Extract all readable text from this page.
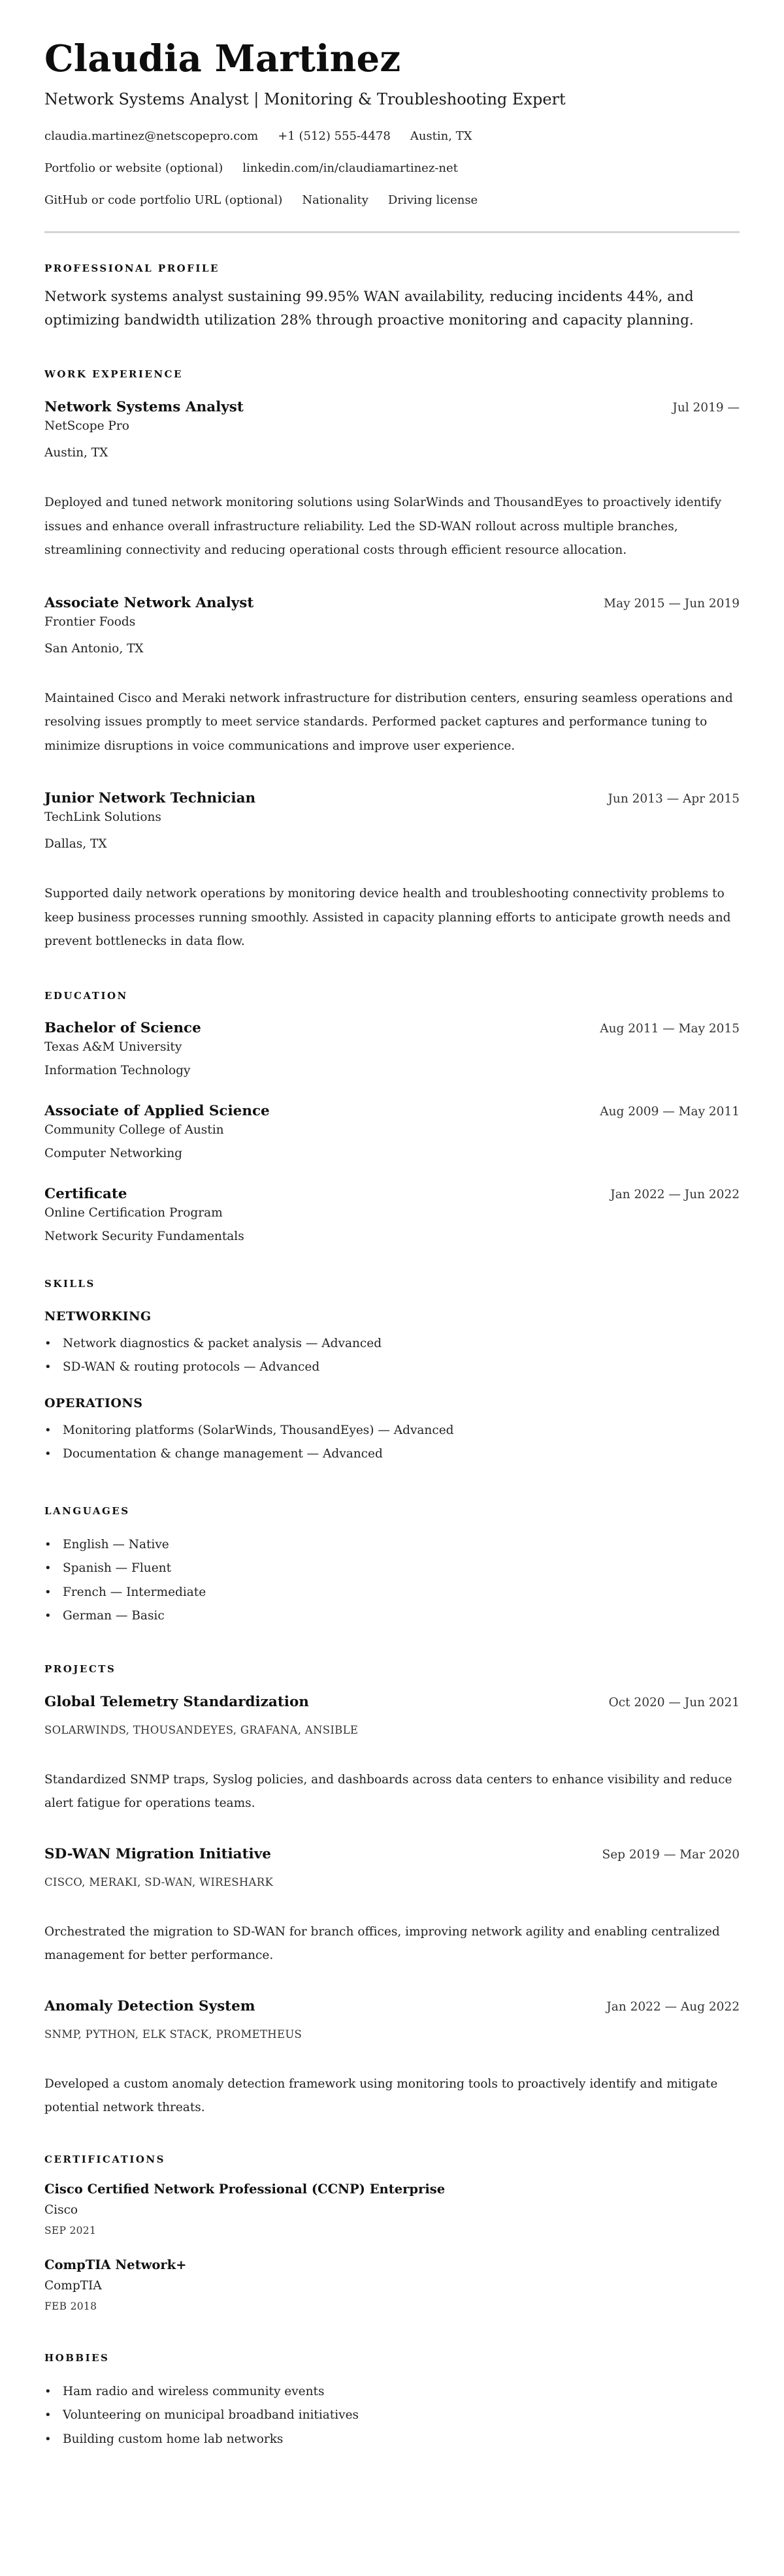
Claudia Martinez
Network Systems Analyst | Monitoring & Troubleshooting Expert
claudia.martinez@netscopepro.com +1 (512) 555-4478 Austin, TX
Portfolio or website (optional) linkedin.com/in/claudiamartinez-net
GitHub or code portfolio URL (optional) Nationality Driving license
PROFESSIONAL PROFILE

Network systems analyst sustaining 99.95% WAN availability, reducing incidents 44%, and optimizing bandwidth utilization 28% through proactive monitoring and capacity planning.

WORK EXPERIENCE
Network Systems Analyst	Jul 2019 —
NetScope Pro
Austin, TX

Deployed and tuned network monitoring solutions using SolarWinds and ThousandEyes to proactively identify issues and enhance overall infrastructure reliability. Led the SD-WAN rollout across multiple branches, streamlining connectivity and reducing operational costs through efficient resource allocation.

Associate Network Analyst	May 2015 — Jun 2019
Frontier Foods
San Antonio, TX

Maintained Cisco and Meraki network infrastructure for distribution centers, ensuring seamless operations and resolving issues promptly to meet service standards. Performed packet captures and performance tuning to minimize disruptions in voice communications and improve user experience.

Junior Network Technician	Jun 2013 — Apr 2015
TechLink Solutions
Dallas, TX

Supported daily network operations by monitoring device health and troubleshooting connectivity problems to keep business processes running smoothly. Assisted in capacity planning efforts to anticipate growth needs and prevent bottlenecks in data flow.

EDUCATION
Bachelor of Science	Aug 2011 — May 2015
Texas A&M University
Information Technology
Associate of Applied Science	Aug 2009 — May 2011
Community College of Austin
Computer Networking
Certificate	Jan 2022 — Jun 2022
Online Certification Program
Network Security Fundamentals
SKILLS
NETWORKING
• Network diagnostics & packet analysis — Advanced
• SD-WAN & routing protocols — Advanced
OPERATIONS
• Monitoring platforms (SolarWinds, ThousandEyes) — Advanced
• Documentation & change management — Advanced
LANGUAGES
• English — Native
• Spanish — Fluent
• French — Intermediate
• German — Basic
PROJECTS
Global Telemetry Standardization	Oct 2020 — Jun 2021
SOLARWINDS, THOUSANDEYES, GRAFANA, ANSIBLE

Standardized SNMP traps, Syslog policies, and dashboards across data centers to enhance visibility and reduce alert fatigue for operations teams.

SD-WAN Migration Initiative	Sep 2019 — Mar 2020
CISCO, MERAKI, SD-WAN, WIRESHARK

Orchestrated the migration to SD-WAN for branch offices, improving network agility and enabling centralized management for better performance.

Anomaly Detection System	Jan 2022 — Aug 2022
SNMP, PYTHON, ELK STACK, PROMETHEUS

Developed a custom anomaly detection framework using monitoring tools to proactively identify and mitigate potential network threats.

CERTIFICATIONS
Cisco Certified Network Professional (CCNP) Enterprise
Cisco
SEP 2021
CompTIA Network+
CompTIA
FEB 2018
HOBBIES
• Ham radio and wireless community events
• Volunteering on municipal broadband initiatives
• Building custom home lab networks
